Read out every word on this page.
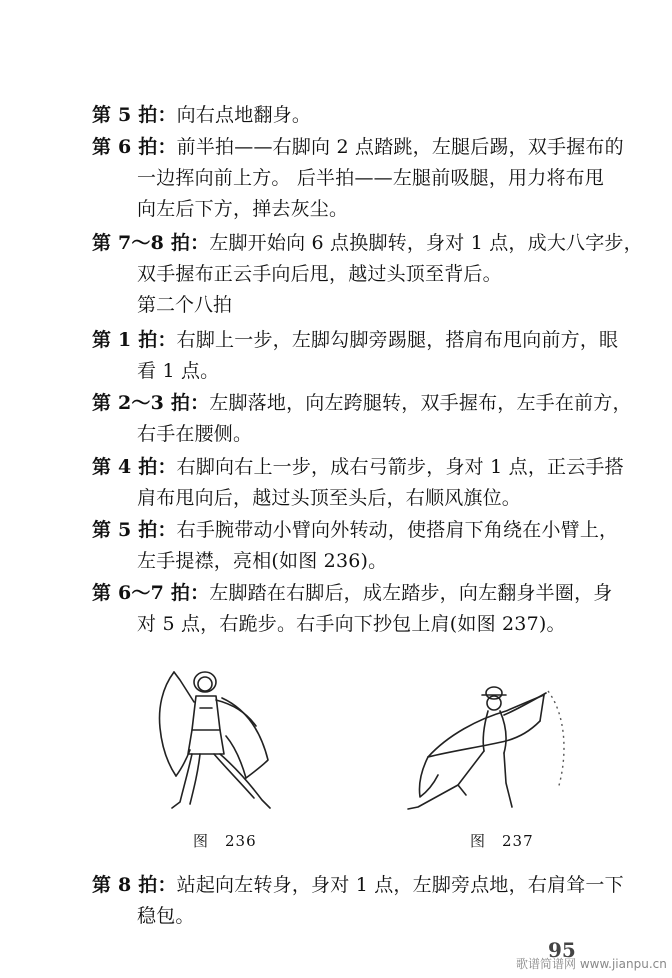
第 5 拍：向右点地翻身。
第 6 拍：前半拍——右脚向 2 点踏跳，左腿后踢，双手握布的
一边挥向前上方。 后半拍——左腿前吸腿，用力将布甩
向左后下方，掸去灰尘。
第 7～8 拍：左脚开始向 6 点换脚转，身对 1 点，成大八字步，
双手握布正云手向后甩，越过头顶至背后。
第二个八拍
第 1 拍：右脚上一步，左脚勾脚旁踢腿，搭肩布甩向前方，眼
看 1 点。
第 2～3 拍：左脚落地，向左跨腿转，双手握布，左手在前方，
右手在腰侧。
第 4 拍：右脚向右上一步，成右弓箭步，身对 1 点，正云手搭
肩布甩向后，越过头顶至头后，右顺风旗位。
第 5 拍：右手腕带动小臂向外转动，使搭肩下角绕在小臂上，
左手提襟，亮相(如图 236)。
第 6～7 拍：左脚踏在右脚后，成左踏步，向左翻身半圈，身
对 5 点，右跪步。右手向下抄包上肩(如图 237)。
图　236	图　237
第 8 拍：站起向左转身，身对 1 点，左脚旁点地，右肩耸一下
稳包。
95
歌谱简谱网 www.jianpu.cn
